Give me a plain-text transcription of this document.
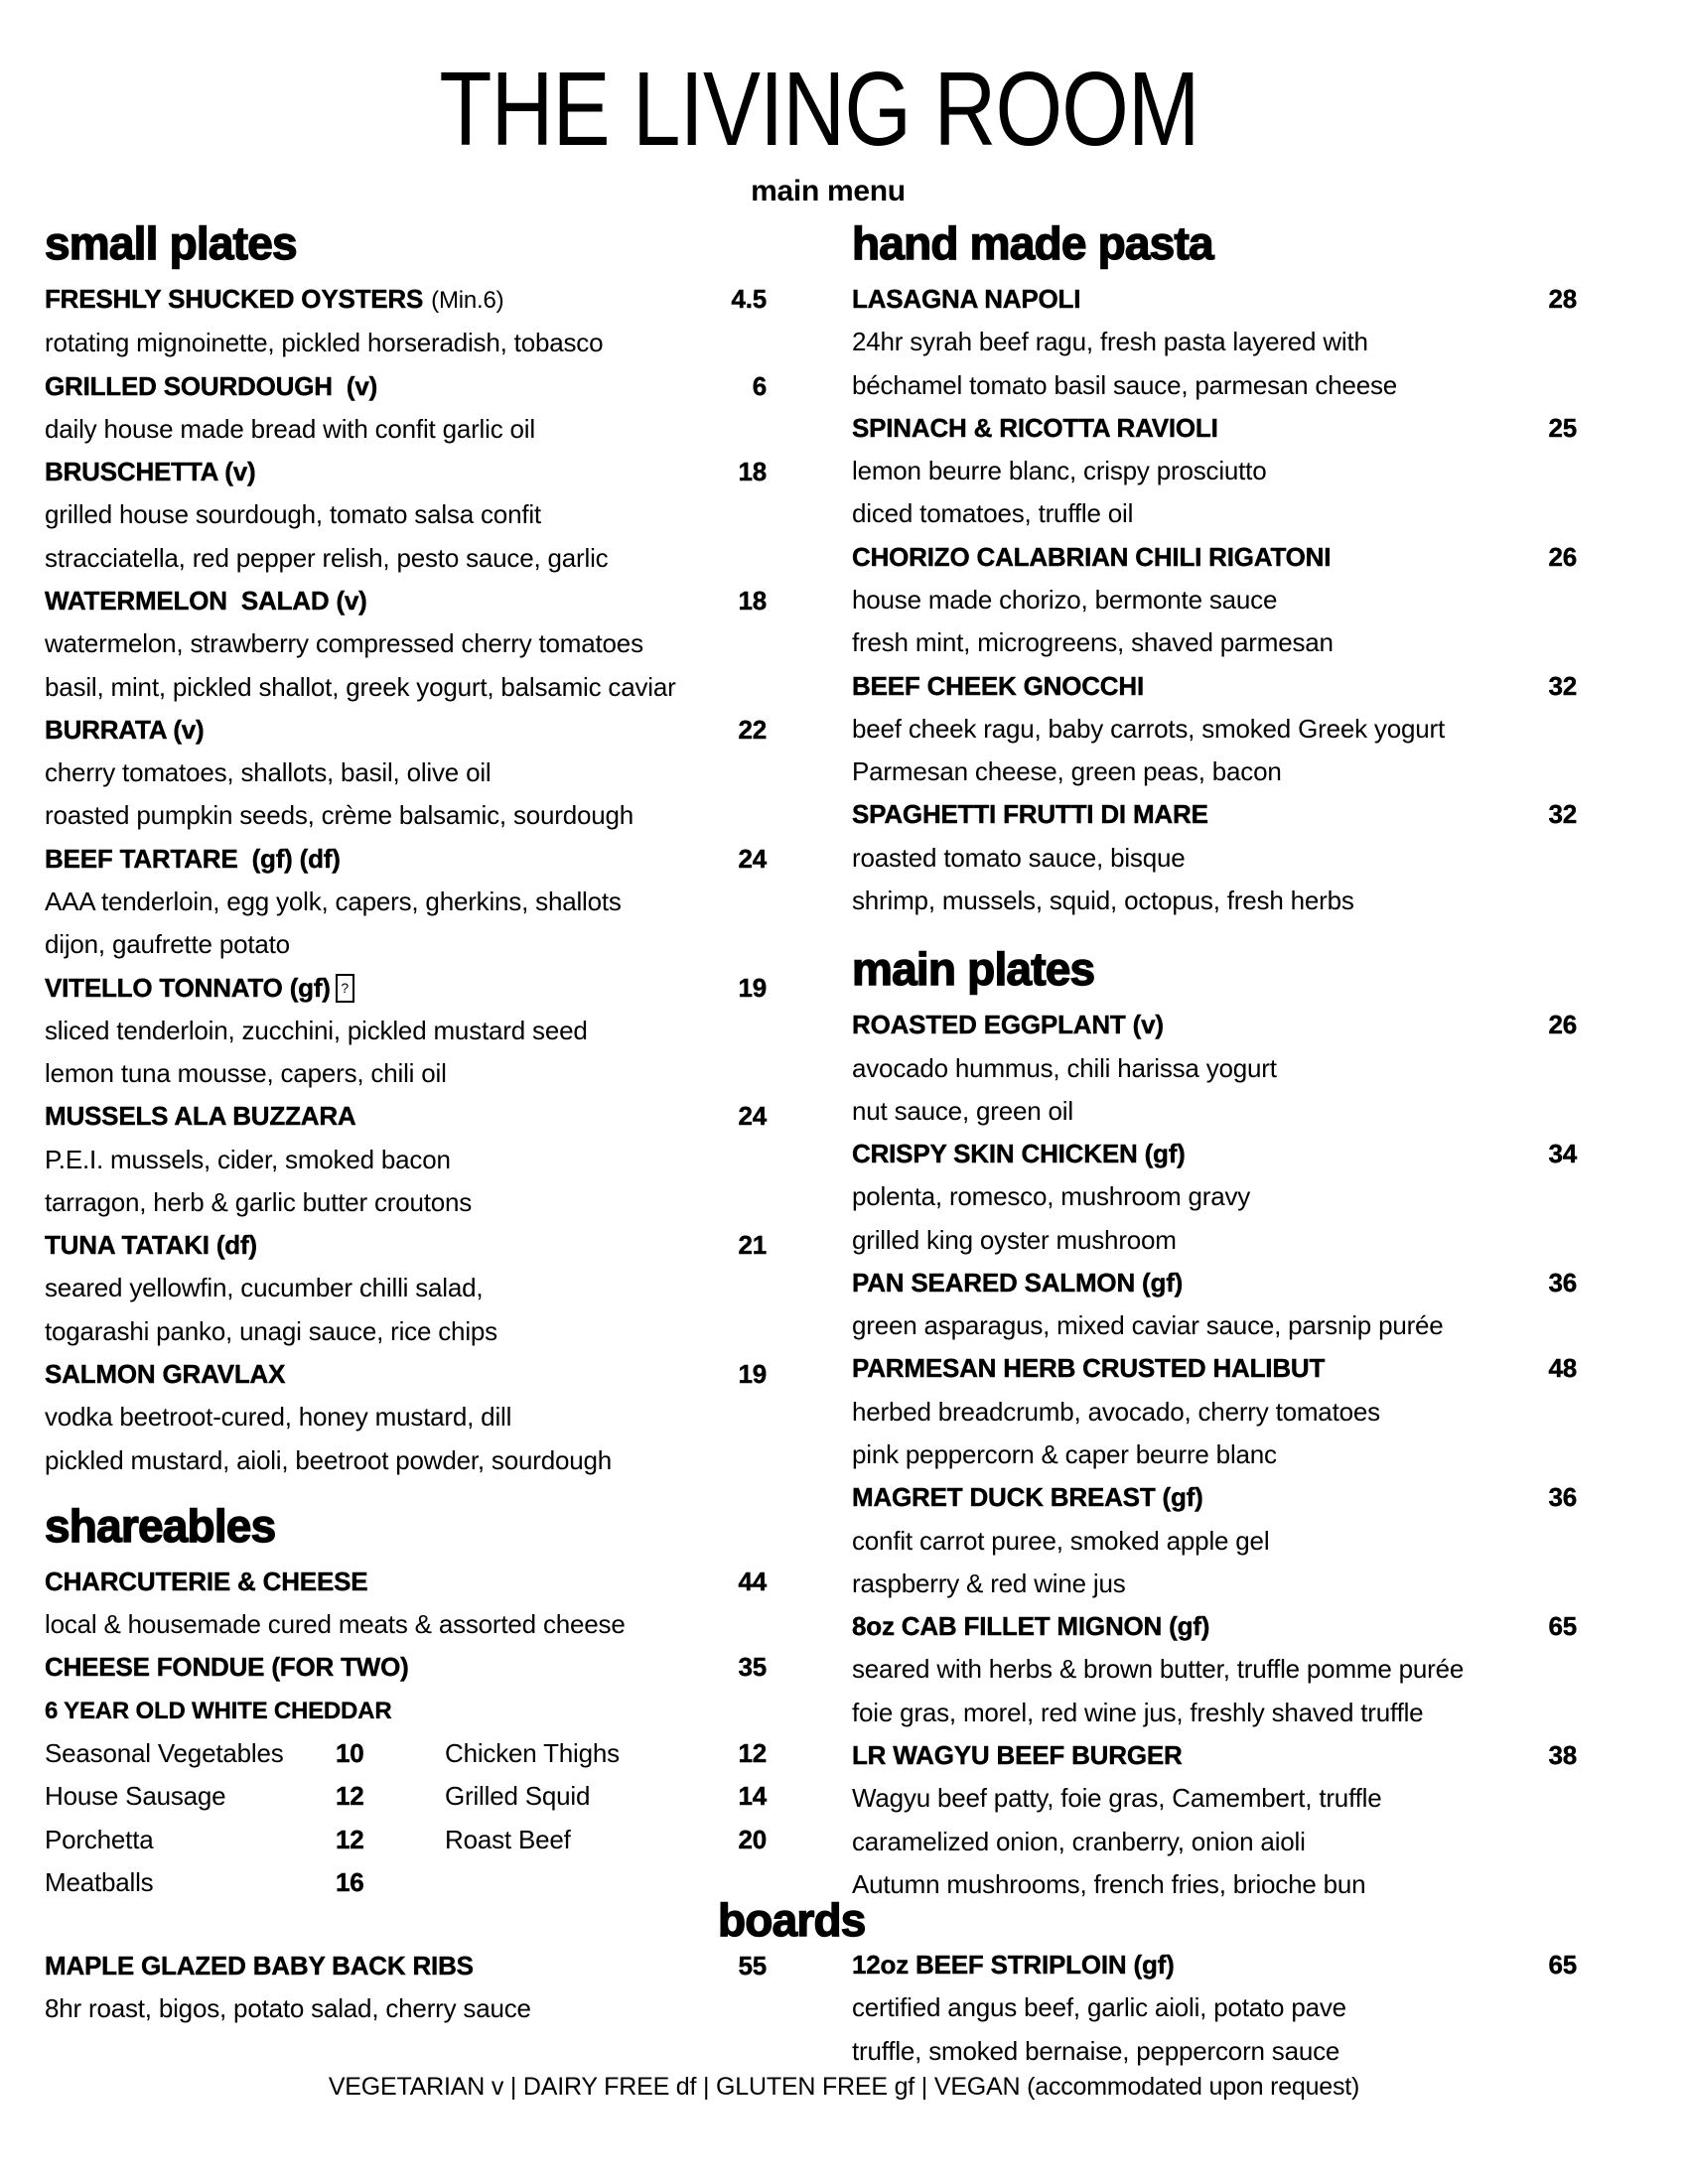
THE LIVING ROOM
main menu
small plates
FRESHLY SHUCKED OYSTERS (Min.6)	4.5
rotating mignoinette, pickled horseradish, tobasco
GRILLED SOURDOUGH  (v)	6
daily house made bread with confit garlic oil
BRUSCHETTA (v)	18
grilled house sourdough, tomato salsa confit
stracciatella, red pepper relish, pesto sauce, garlic
WATERMELON  SALAD (v)	18
watermelon, strawberry compressed cherry tomatoes
basil, mint, pickled shallot, greek yogurt, balsamic caviar
BURRATA (v)	22
cherry tomatoes, shallots, basil, olive oil
roasted pumpkin seeds, crème balsamic, sourdough
BEEF TARTARE  (gf) (df)	24
AAA tenderloin, egg yolk, capers, gherkins, shallots
dijon, gaufrette potato
VITELLO TONNATO (gf) ?	19
sliced tenderloin, zucchini, pickled mustard seed
lemon tuna mousse, capers, chili oil
MUSSELS ALA BUZZARA	24
P.E.I. mussels, cider, smoked bacon
tarragon, herb & garlic butter croutons
TUNA TATAKI (df)	21
seared yellowfin, cucumber chilli salad,
togarashi panko, unagi sauce, rice chips
SALMON GRAVLAX	19
vodka beetroot-cured, honey mustard, dill
pickled mustard, aioli, beetroot powder, sourdough
shareables
CHARCUTERIE & CHEESE	44
local & housemade cured meats & assorted cheese
CHEESE FONDUE (FOR TWO)	35
6 YEAR OLD WHITE CHEDDAR
Seasonal Vegetables	10	Chicken Thighs	12
House Sausage	12	Grilled Squid	14
Porchetta	12	Roast Beef	20
Meatballs	16
MAPLE GLAZED BABY BACK RIBS	55
8hr roast, bigos, potato salad, cherry sauce
hand made pasta
LASAGNA NAPOLI	28
24hr syrah beef ragu, fresh pasta layered with
béchamel tomato basil sauce, parmesan cheese
SPINACH & RICOTTA RAVIOLI	25
lemon beurre blanc, crispy prosciutto
diced tomatoes, truffle oil
CHORIZO CALABRIAN CHILI RIGATONI	26
house made chorizo, bermonte sauce
fresh mint, microgreens, shaved parmesan
BEEF CHEEK GNOCCHI	32
beef cheek ragu, baby carrots, smoked Greek yogurt
Parmesan cheese, green peas, bacon
SPAGHETTI FRUTTI DI MARE	32
roasted tomato sauce, bisque
shrimp, mussels, squid, octopus, fresh herbs
main plates
ROASTED EGGPLANT (v)	26
avocado hummus, chili harissa yogurt
nut sauce, green oil
CRISPY SKIN CHICKEN (gf)	34
polenta, romesco, mushroom gravy
grilled king oyster mushroom
PAN SEARED SALMON (gf)	36
green asparagus, mixed caviar sauce, parsnip purée
PARMESAN HERB CRUSTED HALIBUT	48
herbed breadcrumb, avocado, cherry tomatoes
pink peppercorn & caper beurre blanc
MAGRET DUCK BREAST (gf)	36
confit carrot puree, smoked apple gel
raspberry & red wine jus
8oz CAB FILLET MIGNON (gf)	65
seared with herbs & brown butter, truffle pomme purée
foie gras, morel, red wine jus, freshly shaved truffle
LR WAGYU BEEF BURGER	38
Wagyu beef patty, foie gras, Camembert, truffle
caramelized onion, cranberry, onion aioli
Autumn mushrooms, french fries, brioche bun
12oz BEEF STRIPLOIN (gf)	65
certified angus beef, garlic aioli, potato pave
truffle, smoked bernaise, peppercorn sauce
boards
VEGETARIAN v | DAIRY FREE df | GLUTEN FREE gf | VEGAN (accommodated upon request)
